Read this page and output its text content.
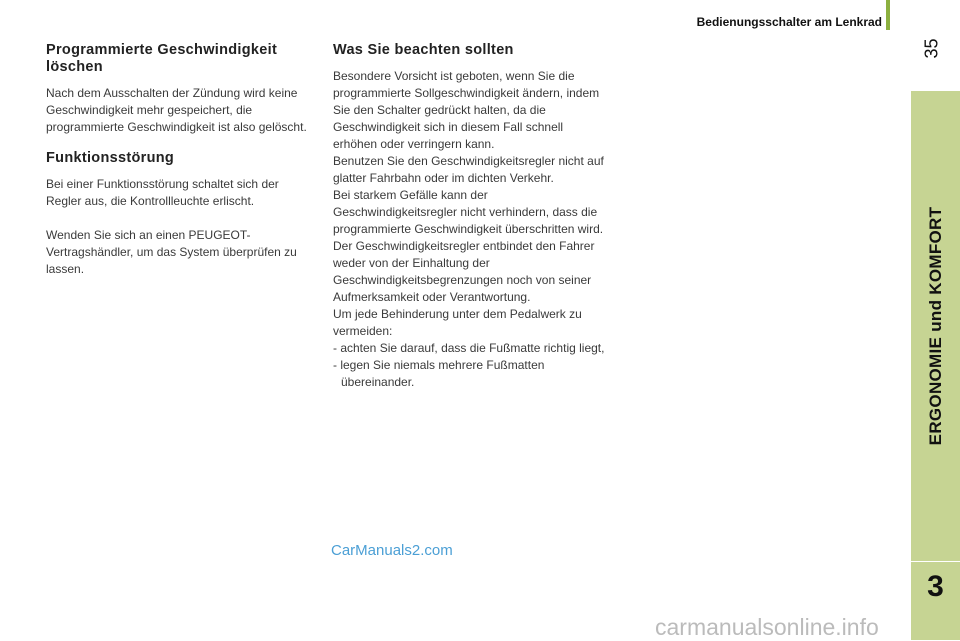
Bedienungsschalter am Lenkrad
35
ERGONOMIE und KOMFORT
3
Programmierte Geschwindigkeit löschen

Nach dem Ausschalten der Zündung wird keine Geschwindigkeit mehr gespeichert, die programmierte Geschwindigkeit ist also gelöscht.

Funktionsstörung

Bei einer Funktionsstörung schaltet sich der Regler aus, die Kontrollleuchte erlischt.

Wenden Sie sich an einen PEUGEOT-Vertragshändler, um das System überprüfen zu lassen.

Was Sie beachten sollten

Besondere Vorsicht ist geboten, wenn Sie die programmierte Sollgeschwindigkeit ändern, indem Sie den Schalter gedrückt halten, da die Geschwindigkeit sich in diesem Fall schnell erhöhen oder verringern kann.

Benutzen Sie den Geschwindigkeitsregler nicht auf glatter Fahrbahn oder im dichten Verkehr.

Bei starkem Gefälle kann der Geschwindigkeitsregler nicht verhindern, dass die programmierte Geschwindigkeit überschritten wird.

Der Geschwindigkeitsregler entbindet den Fahrer weder von der Einhaltung der Geschwindigkeitsbegrenzungen noch von seiner Aufmerksamkeit oder Verantwortung.

Um jede Behinderung unter dem Pedalwerk zu vermeiden:

- achten Sie darauf, dass die Fußmatte richtig liegt,

- legen Sie niemals mehrere Fußmatten übereinander.

CarManuals2.com
carmanualsonline.info
